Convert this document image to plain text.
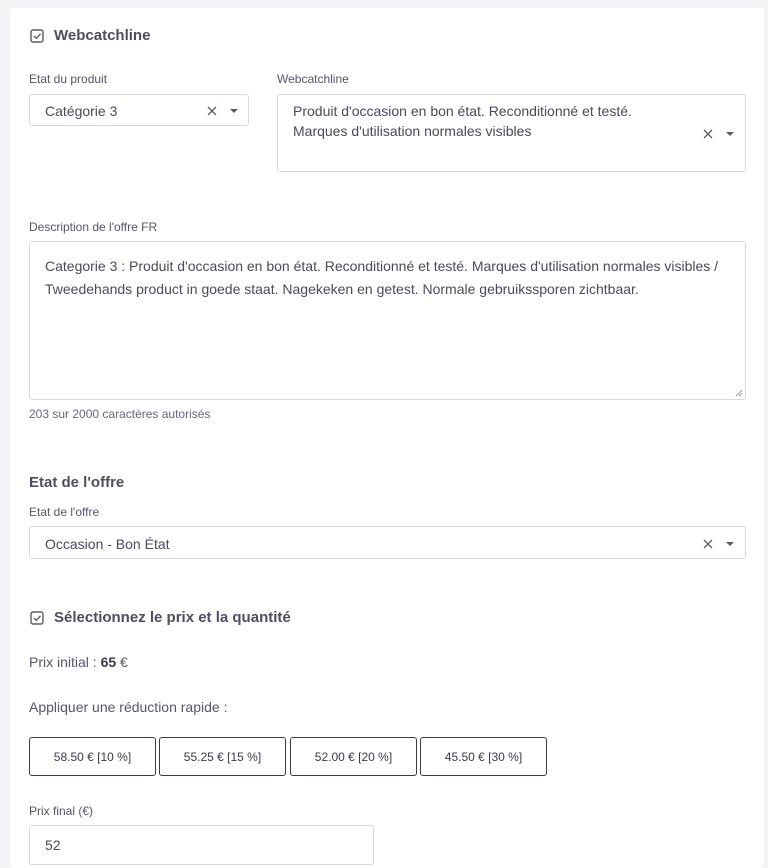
Webcatchline
Etat du produit
Catégorie 3
Webcatchline
Produit d'occasion en bon état. Reconditionné et testé.
Marques d'utilisation normales visibles
Description de l'offre FR
Categorie 3 : Produit d'occasion en bon état. Reconditionné et testé. Marques d'utilisation normales visibles /
Tweedehands product in goede staat. Nagekeken en getest. Normale gebruikssporen zichtbaar.
203 sur 2000 caractères autorisés
Etat de l'offre
Etat de l'offre
Occasion - Bon État
Sélectionnez le prix et la quantité
Prix initial : 65 €
Appliquer une réduction rapide :
58.50 € [10 %]	55.25 € [15 %]	52.00 € [20 %]	45.50 € [30 %]
Prix final (€)
52
